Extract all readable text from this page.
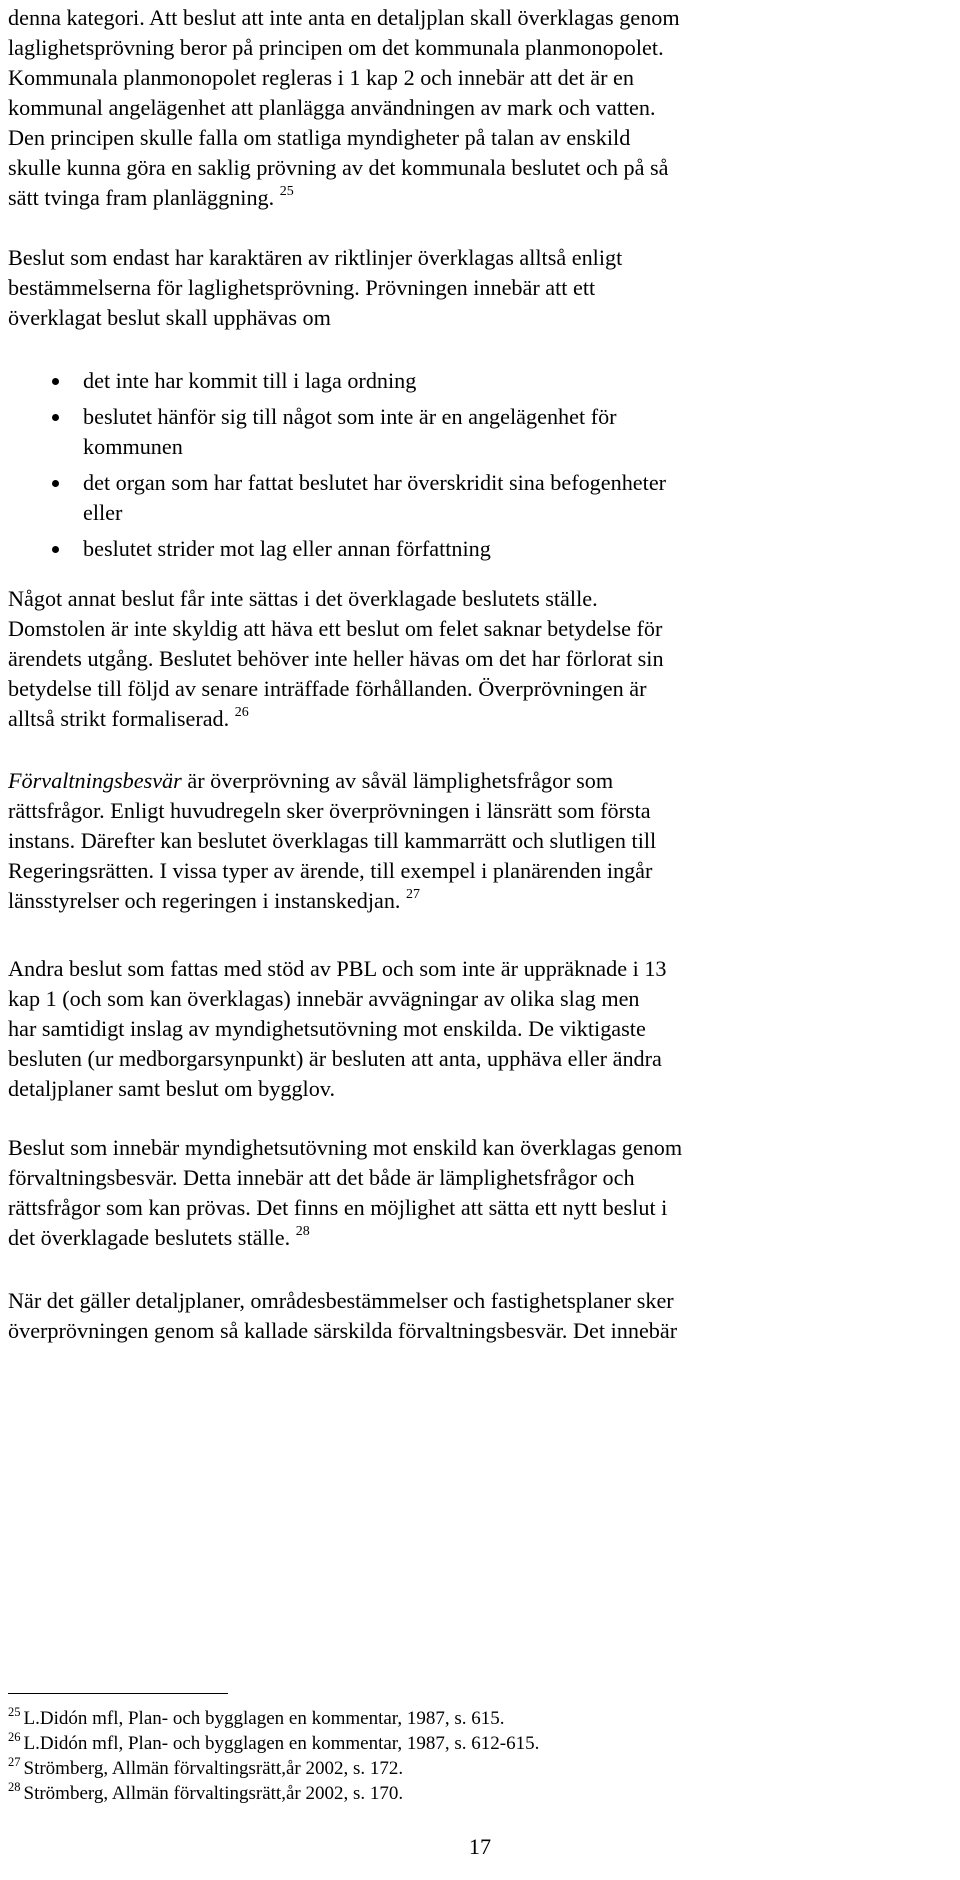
denna kategori. Att beslut att inte anta en detaljplan skall överklagas genom
laglighetsprövning beror på principen om det kommunala planmonopolet.
Kommunala planmonopolet regleras i 1 kap 2 och innebär att det är en
kommunal angelägenhet att planlägga användningen av mark och vatten.
Den principen skulle falla om statliga myndigheter på talan av enskild
skulle kunna göra en saklig prövning av det kommunala beslutet och på så
sätt tvinga fram planläggning. $^{25}$

Beslut som endast har karaktären av riktlinjer överklagas alltså enligt
bestämmelserna för laglighetsprövning. Prövningen innebär att ett
överklagat beslut skall upphävas om

det inte har kommit till i laga ordning
beslutet hänför sig till något som inte är en angelägenhet för
kommunen
det organ som har fattat beslutet har överskridit sina befogenheter
eller
beslutet strider mot lag eller annan författning

Något annat beslut får inte sättas i det överklagade beslutets ställe.
Domstolen är inte skyldig att häva ett beslut om felet saknar betydelse för
ärendets utgång. Beslutet behöver inte heller hävas om det har förlorat sin
betydelse till följd av senare inträffade förhållanden. Överprövningen är
alltså strikt formaliserad. $^{26}$

Förvaltningsbesvär är överprövning av såväl lämplighetsfrågor som
rättsfrågor. Enligt huvudregeln sker överprövningen i länsrätt som första
instans. Därefter kan beslutet överklagas till kammarrätt och slutligen till
Regeringsrätten. I vissa typer av ärende, till exempel i planärenden ingår
länsstyrelser och regeringen i instanskedjan. $^{27}$

Andra beslut som fattas med stöd av PBL och som inte är uppräknade i 13
kap 1 (och som kan överklagas) innebär avvägningar av olika slag men
har samtidigt inslag av myndighetsutövning mot enskilda. De viktigaste
besluten (ur medborgarsynpunkt) är besluten att anta, upphäva eller ändra
detaljplaner samt beslut om bygglov.

Beslut som innebär myndighetsutövning mot enskild kan överklagas genom
förvaltningsbesvär. Detta innebär att det både är lämplighetsfrågor och
rättsfrågor som kan prövas. Det finns en möjlighet att sätta ett nytt beslut i
det överklagade beslutets ställe. $^{28}$

När det gäller detaljplaner, områdesbestämmelser och fastighetsplaner sker
överprövningen genom så kallade särskilda förvaltningsbesvär. Det innebär

$^{25}$ L.Didón mfl, Plan- och bygglagen en kommentar, 1987, s. 615.
$^{26}$ L.Didón mfl, Plan- och bygglagen en kommentar, 1987, s. 612-615.
$^{27}$ Strömberg, Allmän förvaltingsrätt,år 2002, s. 172.
$^{28}$ Strömberg, Allmän förvaltingsrätt,år 2002, s. 170.
17
